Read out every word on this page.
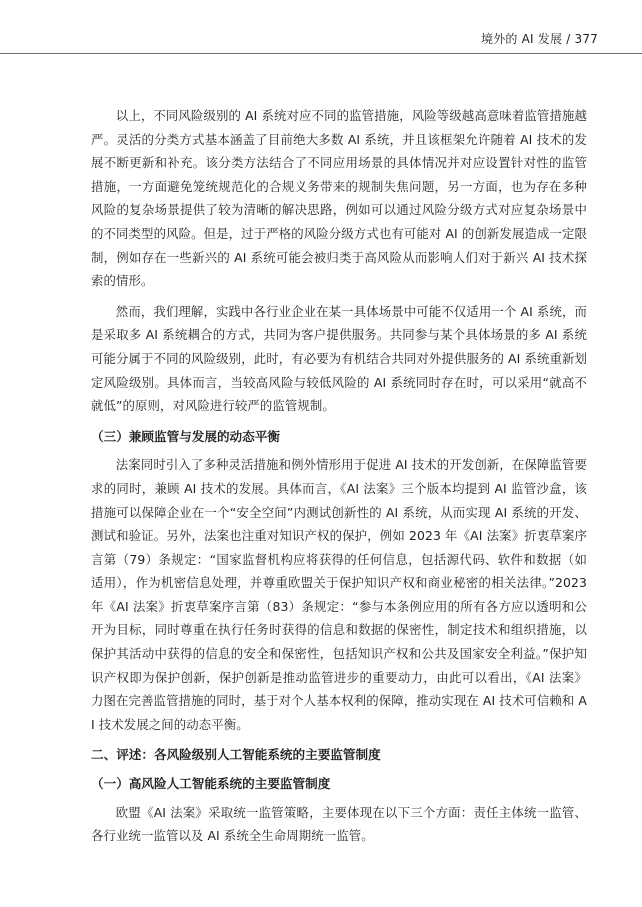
境外的 AI 发展 / 377

以上，不同风险级别的 AI 系统对应不同的监管措施，风险等级越高意味着监管措施越严。灵活的分类方式基本涵盖了目前绝大多数 AI 系统，并且该框架允许随着 AI 技术的发展不断更新和补充。该分类方法结合了不同应用场景的具体情况并对应设置针对性的监管措施，一方面避免笼统规范化的合规义务带来的规制失焦问题，另一方面，也为存在多种风险的复杂场景提供了较为清晰的解决思路，例如可以通过风险分级方式对应复杂场景中的不同类型的风险。但是，过于严格的风险分级方式也有可能对 AI 的创新发展造成一定限制，例如存在一些新兴的 AI 系统可能会被归类于高风险从而影响人们对于新兴 AI 技术探索的情形。

然而，我们理解，实践中各行业企业在某一具体场景中可能不仅适用一个 AI 系统，而是采取多 AI 系统耦合的方式，共同为客户提供服务。共同参与某个具体场景的多 AI 系统可能分属于不同的风险级别，此时，有必要为有机结合共同对外提供服务的 AI 系统重新划定风险级别。具体而言，当较高风险与较低风险的 AI 系统同时存在时，可以采用“就高不就低”的原则，对风险进行较严的监管规制。

（三）兼顾监管与发展的动态平衡

法案同时引入了多种灵活措施和例外情形用于促进 AI 技术的开发创新，在保障监管要求的同时，兼顾 AI 技术的发展。具体而言，《AI 法案》三个版本均提到 AI 监管沙盒，该措施可以保障企业在一个“安全空间”内测试创新性的 AI 系统，从而实现 AI 系统的开发、测试和验证。另外，法案也注重对知识产权的保护，例如 2023 年《AI 法案》折衷草案序言第（79）条规定：“国家监督机构应将获得的任何信息，包括源代码、软件和数据（如适用），作为机密信息处理，并尊重欧盟关于保护知识产权和商业秘密的相关法律。”2023 年《AI 法案》折衷草案序言第（83）条规定：“参与本条例应用的所有各方应以透明和公开为目标，同时尊重在执行任务时获得的信息和数据的保密性，制定技术和组织措施，以保护其活动中获得的信息的安全和保密性，包括知识产权和公共及国家安全利益。”保护知识产权即为保护创新，保护创新是推动监管进步的重要动力，由此可以看出，《AI 法案》力图在完善监管措施的同时，基于对个人基本权利的保障，推动实现在 AI 技术可信赖和 AI 技术发展之间的动态平衡。

二、评述：各风险级别人工智能系统的主要监管制度
（一）高风险人工智能系统的主要监管制度

欧盟《AI 法案》采取统一监管策略，主要体现在以下三个方面：责任主体统一监管、各行业统一监管以及 AI 系统全生命周期统一监管。
